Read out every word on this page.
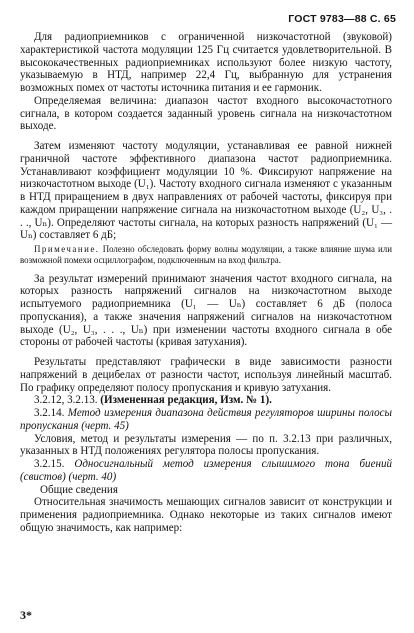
ГОСТ 9783—88 С. 65

Для радиоприемников с ограниченной низкочастотной (звуковой) характеристикой частота модуляции 125 Гц считается удовлетворительной. В высококачественных радиоприемниках используют более низкую частоту, указываемую в НТД, например 22,4 Гц, выбранную для устранения возможных помех от частоты источника питания и ее гармоник.

Определяемая величина: диапазон частот входного высокочастотного сигнала, в котором создается заданный уровень сигнала на низкочастотном выходе.

Затем изменяют частоту модуляции, устанавливая ее равной нижней граничной частоте эффективного диапазона частот радиоприемника. Устанавливают коэффициент модуляции 10 %. Фиксируют напряжение на низкочастотном выходе (U₁). Частоту входного сигнала изменяют с указанным в НТД приращением в двух направлениях от рабочей частоты, фиксируя при каждом приращении напряжение сигнала на низкочастотном выходе (U₂, U₃, . . ., Uₙ). Определяют частоты сигнала, на которых разность напряжений (U₁ — Uₙ) составляет 6 дБ;

Примечание. Полезно обследовать форму волны модуляции, а также влияние шума или возможной помехи осциллографом, подключенным на вход фильтра.

За результат измерений принимают значения частот входного сигнала, на которых разность напряжений сигналов на низкочастотном выходе испытуемого радиоприемника (U₁ — Uₙ) составляет 6 дБ (полоса пропускания), а также значения напряжений сигналов на низкочастотном выходе (U₂, U₃, . . ., Uₙ) при изменении частоты входного сигнала в обе стороны от рабочей частоты (кривая затухания).

Результаты представляют графически в виде зависимости разности напряжений в децибелах от разности частот, используя линейный масштаб. По графику определяют полосу пропускания и кривую затухания.

3.2.12, 3.2.13. (Измененная редакция, Изм. № 1).

3.2.14. Метод измерения диапазона действия регуляторов ширины полосы пропускания (черт. 45)

Условия, метод и результаты измерения — по п. 3.2.13 при различных, указанных в НТД положениях регулятора полосы пропускания.

3.2.15. Односигнальный метод измерения слышимого тона биений (свистов) (черт. 40)

Общие сведения

Относительная значимость мешающих сигналов зависит от конструкции и применения радиоприемника. Однако некоторые из таких сигналов имеют общую значимость, как например:

3*
